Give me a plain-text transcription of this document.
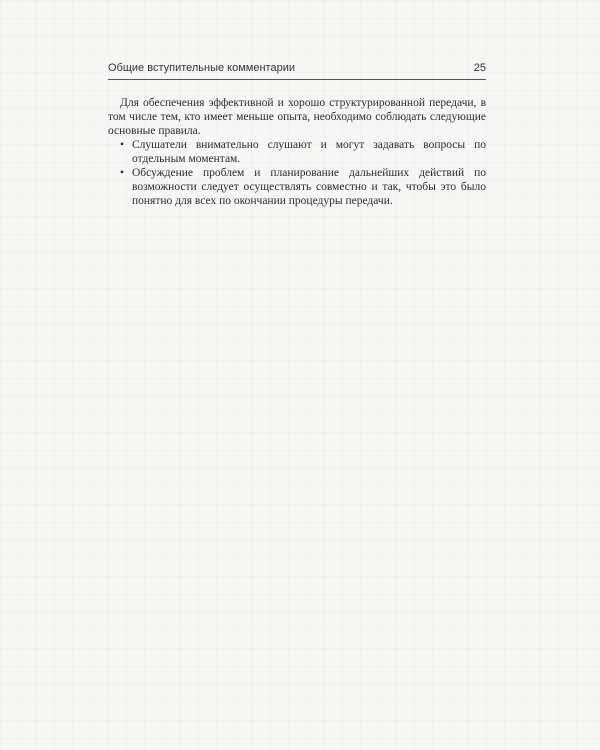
Общие вступительные комментарии	25

Для обеспечения эффективной и хорошо структурированной передачи, в том числе тем, кто имеет меньше опыта, необходимо соблюдать следующие основные правила.

• Слушатели внимательно слушают и могут задавать вопросы по отдельным моментам.
• Обсуждение проблем и планирование дальнейших действий по возможности следует осуществлять совместно и так, чтобы это было понятно для всех по окончании процедуры передачи.
